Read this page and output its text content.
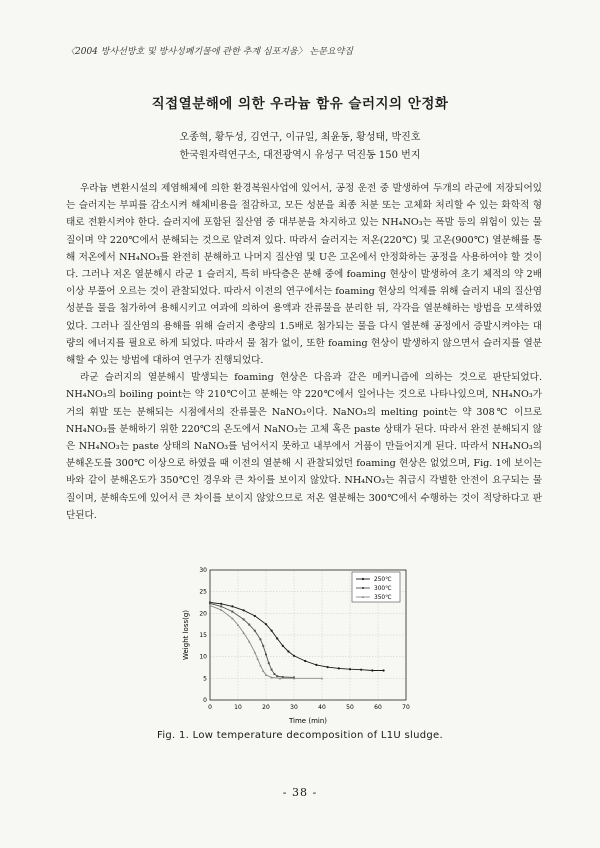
〈2004 방사선방호 및 방사성폐기물에 관한 추계 심포지움〉 논문요약집
직접열분해에 의한 우라늄 함유 슬러지의 안정화
오종혁, 황두성, 김연구, 이규일, 최윤동, 황성태, 박진호
한국원자력연구소, 대전광역시 유성구 덕진동 150 번지

우라늄 변환시설의 제염해체에 의한 환경복원사업에 있어서, 공정 운전 중 발생하여 두개의 라군에 저장되어있는 슬러지는 부피를 감소시켜 해체비용을 절감하고, 모든 성분을 최종 처분 또는 고체화 처리할 수 있는 화학적 형태로 전환시켜야 한다. 슬러지에 포함된 질산염 중 대부분을 차지하고 있는 NH₄NO₃는 폭발 등의 위험이 있는 물질이며 약 220℃에서 분해되는 것으로 알려져 있다. 따라서 슬러지는 저온(220℃) 및 고온(900℃) 열분해를 통해 저온에서 NH₄NO₃를 완전히 분해하고 나머지 질산염 및 U은 고온에서 안정화하는 공정을 사용하여야 할 것이다. 그러나 저온 열분해시 라군 1 슬러지, 특히 바닥층은 분해 중에 foaming 현상이 발생하여 초기 체적의 약 2배 이상 부풀어 오르는 것이 관찰되었다. 따라서 이전의 연구에서는 foaming 현상의 억제를 위해 슬러지 내의 질산염 성분을 물을 첨가하여 용해시키고 여과에 의하여 용액과 잔류물을 분리한 뒤, 각각을 열분해하는 방법을 모색하였었다. 그러나 질산염의 용해를 위해 슬러지 총량의 1.5배로 첨가되는 물을 다시 열분해 공정에서 증발시켜야는 대량의 에너지를 필요로 하게 되었다. 따라서 물 첨가 없이, 또한 foaming 현상이 발생하지 않으면서 슬러지를 열분해할 수 있는 방법에 대하여 연구가 진행되었다.

라군 슬러지의 열분해시 발생되는 foaming 현상은 다음과 같은 메커니즘에 의하는 것으로 판단되었다. NH₄NO₃의 boiling point는 약 210℃이고 분해는 약 220℃에서 일어나는 것으로 나타나있으며, NH₄NO₃가 거의 휘발 또는 분해되는 시점에서의 잔류물은 NaNO₃이다. NaNO₃의 melting point는 약 308℃ 이므로 NH₄NO₃를 분해하기 위한 220℃의 온도에서 NaNO₃는 고체 혹은 paste 상태가 된다. 따라서 완전 분해되지 않은 NH₄NO₃는 paste 상태의 NaNO₃를 넘어서지 못하고 내부에서 거품이 만들어지게 된다. 따라서 NH₄NO₃의 분해온도를 300℃ 이상으로 하였을 때 이전의 열분해 시 관찰되었던 foaming 현상은 없었으며, Fig. 1에 보이는 바와 같이 분해온도가 350℃인 경우와 큰 차이를 보이지 않았다. NH₄NO₃는 취급시 각별한 안전이 요구되는 물질이며, 분해속도에 있어서 큰 차이를 보이지 않았으므로 저온 열분해는 300℃에서 수행하는 것이 적당하다고 판단된다.

0	10	20	30	40	50	60	70
0
5
10
15
20
25
30
250℃
300℃
350℃
Time (min)
Weight loss(g)
Fig. 1. Low temperature decomposition of L1U sludge.
- 38 -
